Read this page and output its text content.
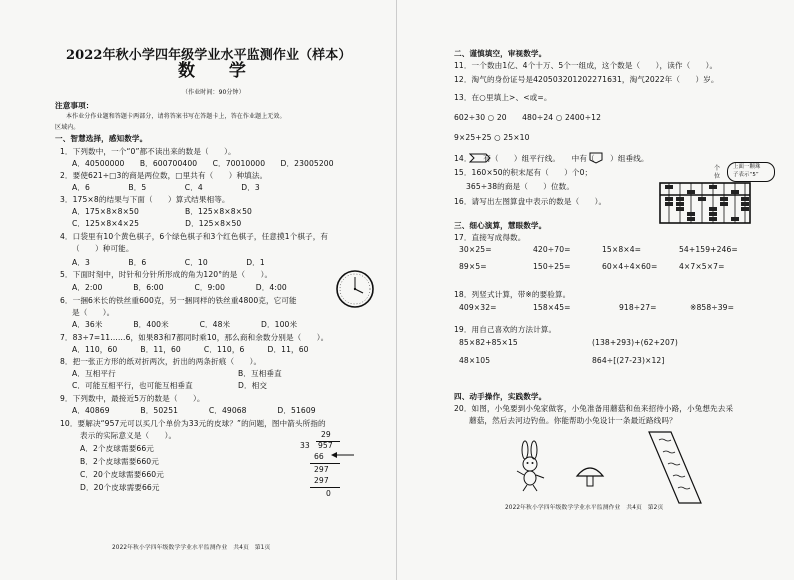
2022年秋小学四年级学业水平监测作业（样本）
数 学
（作业时间：90分钟）
注意事项：
本作业分作业题和答题卡两部分，请将答案书写在答题卡上，答在作业题上无效。
区域内。
一、智慧选择，感知数学。
1．下列数中，一个“0”都不读出来的数是（　　）。
A．40500000　　B．600700400　　C．70010000　　D．23005200
2．要使621÷□3的商是两位数，□里共有（　　）种填法。
A．6　　　　　B．5　　　　　C．4　　　　　D．3
3．175×8的结果与下面（　　）算式结果相等。
A．175×8×8×50　　　　　　B．125×8×8×50
C．125×8×4×25　　　　　　D．125×8×50
4．口袋里有10个黄色棋子，6个绿色棋子和3个红色棋子，任意摸1个棋子，有
（　　）种可能。
A．3　　　　　B．6　　　　　C．10　　　　　D．1
5．下面时刻中，时针和分针所形成的角为120°的是（　　）。
A．2:00　　　　B．6:00　　　　C．9:00　　　　D．4:00
6．一捆6米长的铁丝重600克，另一捆同样的铁丝重4800克，它可能
是（　　）。
A．36米　　　　B．400米　　　　C．48米　　　　D．100米
7．83÷7=11……6，如果83和7都同时乘10，那么商和余数分别是（　　）。
A．110，60　　　B．11，60　　　C．110，6　　　D．11，60
8．把一张正方形的纸对折两次，折出的两条折痕（　　）。
A．互相平行	B．互相垂直
C．可能互相平行，也可能互相垂直	D．相交
9．下列数中，最接近5万的数是（　　）。
A．40869　　　　B．50251　　　　C．49068　　　　D．51609
10．要解决“957元可以买几个单价为33元的皮球？”的问题，图中箭头所指的
表示的实际意义是（　　）。
A．2个皮球需要66元
B．2个皮球需要660元
C．20个皮球需要660元
D．20个皮球需要66元
29
33 957
66
297
297
0
2022年秋小学四年级数学学业水平监测作业　共4页　第1页
二、谨慎填空，审视数学。
11．一个数由1亿、4个十万、5个一组成，这个数是（　　），读作（　　）。
12．淘气的身份证号是420503201202271631，淘气2022年（　　）岁。
13．在○里填上>、<或=。
602÷30 ○ 20　　480÷24 ○ 2400÷12
9×25+25 ○ 25×10
14．　　有（　　）组平行线。　　中有（　　）组垂线。
15．160×50的积末尾有（　　）个0；
365÷38的商是（　　）位数。
16．请写出左图算盘中表示的数是（　　）。
个
位
上面一颗珠
子表示“5”
三、细心演算，慧眼数学。
17．直接写成得数。
30×25=	420÷70=	15×8×4=	54+159+246=
89×5=	150÷25=	60×4÷4×60=	4×7×5×7=
18．列竖式计算，带※的要验算。
409×32=	158×45=	918÷27=	※858÷39=
19．用自己喜欢的方法计算。
85×82+85×15	(138+293)+(62+207)
48×105	864÷[(27-23)×12]
四、动手操作，实践数学。
20．如图，小兔要到小兔家做客，小兔准备用蘑菇和鱼来招待小路，小兔想先去采
蘑菇，然后去河边钓鱼。你能帮助小兔设计一条最近路线吗？
2022年秋小学四年级数学学业水平监测作业　共4页　第2页
